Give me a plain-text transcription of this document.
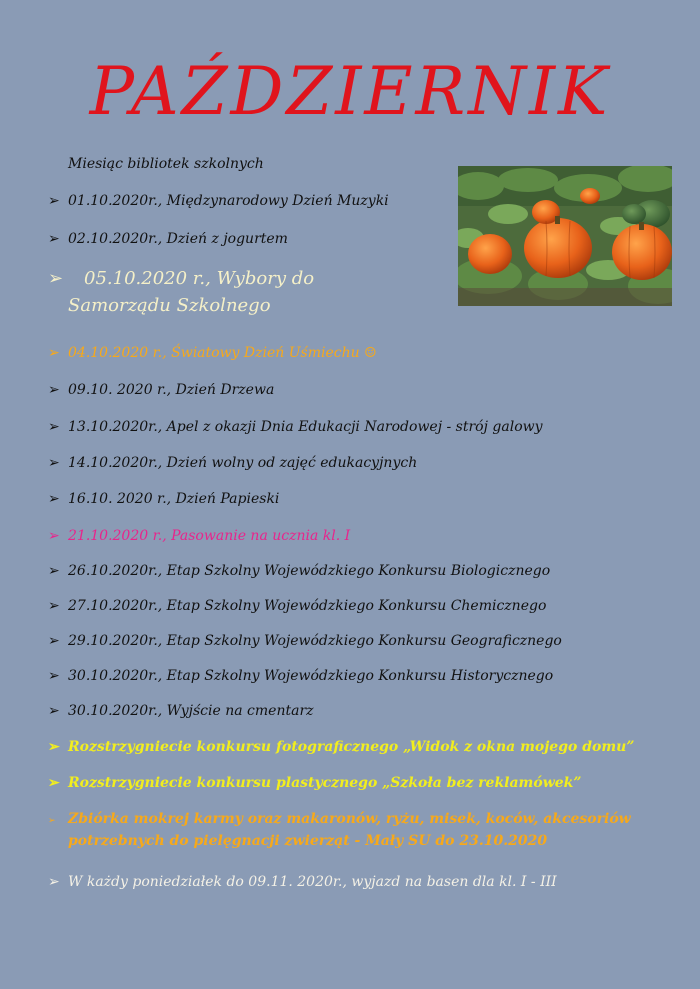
PAŹDZIERNIK
Miesiąc bibliotek szkolnych
➢ 01.10.2020r., Międzynarodowy Dzień Muzyki
➢ 02.10.2020r., Dzień z jogurtem
➢ 05.10.2020 r., Wybory do
Samorządu Szkolnego
➢ 04.10.2020 r., Światowy Dzień Uśmiechu ☺
➢ 09.10. 2020 r., Dzień Drzewa
➢ 13.10.2020r., Apel z okazji Dnia Edukacji Narodowej - strój galowy
➢ 14.10.2020r., Dzień wolny od zajęć edukacyjnych
➢ 16.10. 2020 r., Dzień Papieski
➢ 21.10.2020 r., Pasowanie na ucznia kl. I
➢ 26.10.2020r., Etap Szkolny Wojewódzkiego Konkursu Biologicznego
➢ 27.10.2020r., Etap Szkolny Wojewódzkiego Konkursu Chemicznego
➢ 29.10.2020r., Etap Szkolny Wojewódzkiego Konkursu Geograficznego
➢ 30.10.2020r., Etap Szkolny Wojewódzkiego Konkursu Historycznego
➢ 30.10.2020r., Wyjście na cmentarz
➢ Rozstrzygniecie konkursu fotograficznego „Widok z okna mojego domu”
➢ Rozstrzygniecie konkursu plastycznego „Szkoła bez reklamówek”
➢ Zbiórka mokrej karmy oraz makaronów, ryżu, misek, koców, akcesoriów
potrzebnych do pielęgnacji zwierząt - Mały SU do 23.10.2020
➢ W każdy poniedziałek do 09.11. 2020r., wyjazd na basen dla kl. I - III
